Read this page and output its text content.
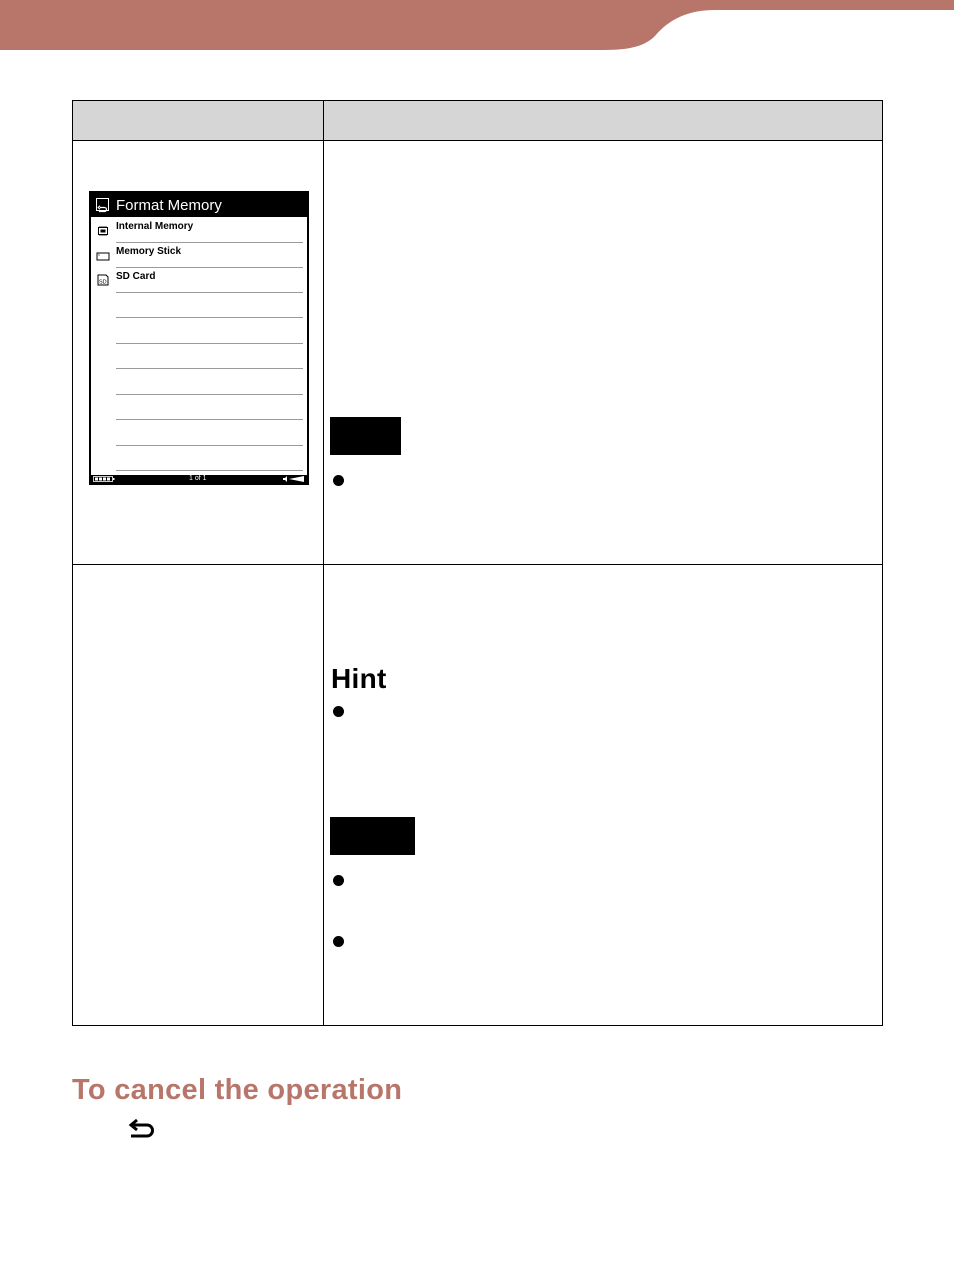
Format Memory
Internal Memory
Memory Stick
SD Card
SD
1 of 1
Hint
To cancel the operation
